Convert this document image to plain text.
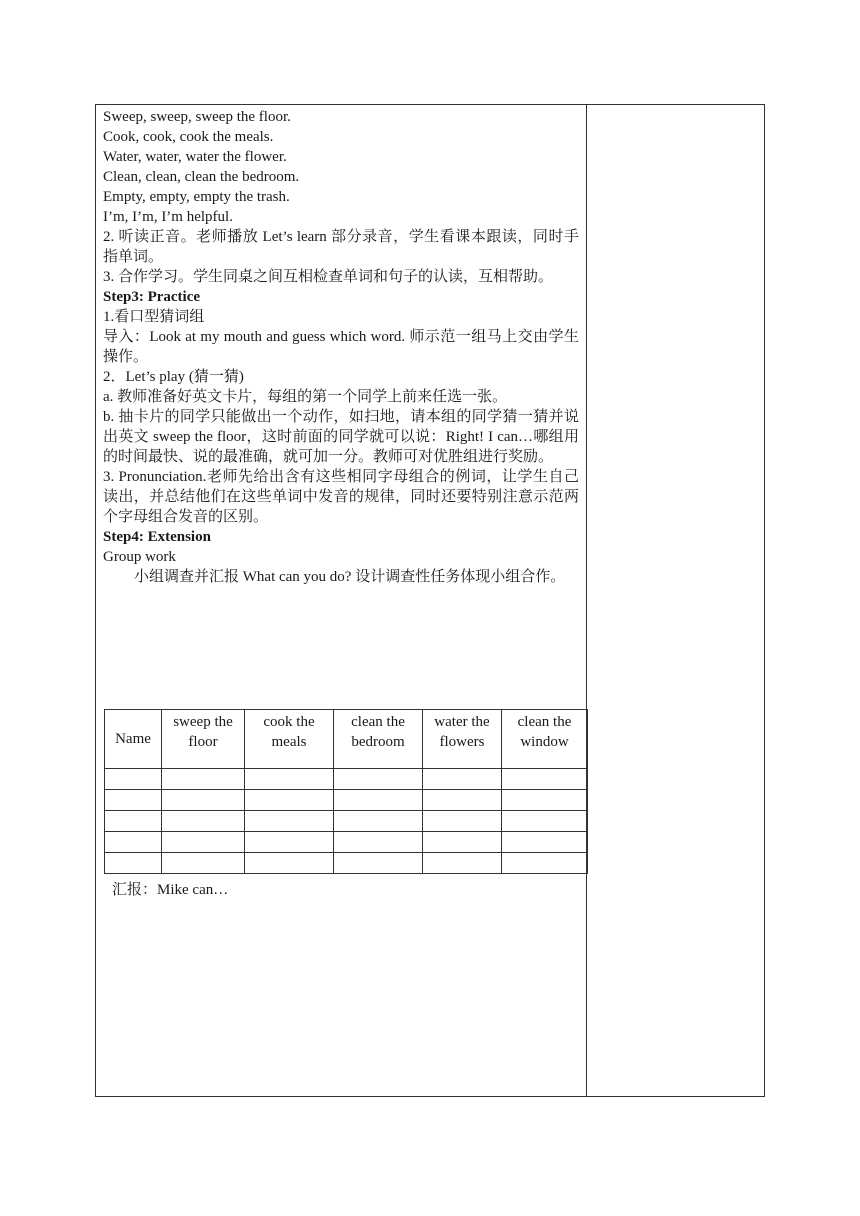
Sweep, sweep, sweep the floor.
Cook, cook, cook the meals.
Water, water, water the flower.
Clean, clean, clean the bedroom.
Empty, empty, empty the trash.
I’m, I’m, I’m helpful.
2. 听读正音。老师播放 Let’s learn 部分录音，学生看课本跟读，同时手指单词。
3. 合作学习。学生同桌之间互相检查单词和句子的认读，互相帮助。
Step3: Practice
1.看口型猜词组
导入：Look at my mouth and guess which word. 师示范一组马上交由学生操作。
2．Let’s play (猜一猜)
a. 教师准备好英文卡片，每组的第一个同学上前来任选一张。
b. 抽卡片的同学只能做出一个动作，如扫地，请本组的同学猜一猜并说出英文 sweep the floor，这时前面的同学就可以说：Right! I can…哪组用的时间最快、说的最准确，就可加一分。教师可对优胜组进行奖励。
3. Pronunciation.老师先给出含有这些相同字母组合的例词，让学生自己读出，并总结他们在这些单词中发音的规律，同时还要特别注意示范两个字母组合发音的区别。
Step4: Extension
Group work
小组调查并汇报 What can you do? 设计调查性任务体现小组合作。
Name	sweep the floor	cook the meals	clean the bedroom	water the flowers	clean the window

汇报：Mike can…
